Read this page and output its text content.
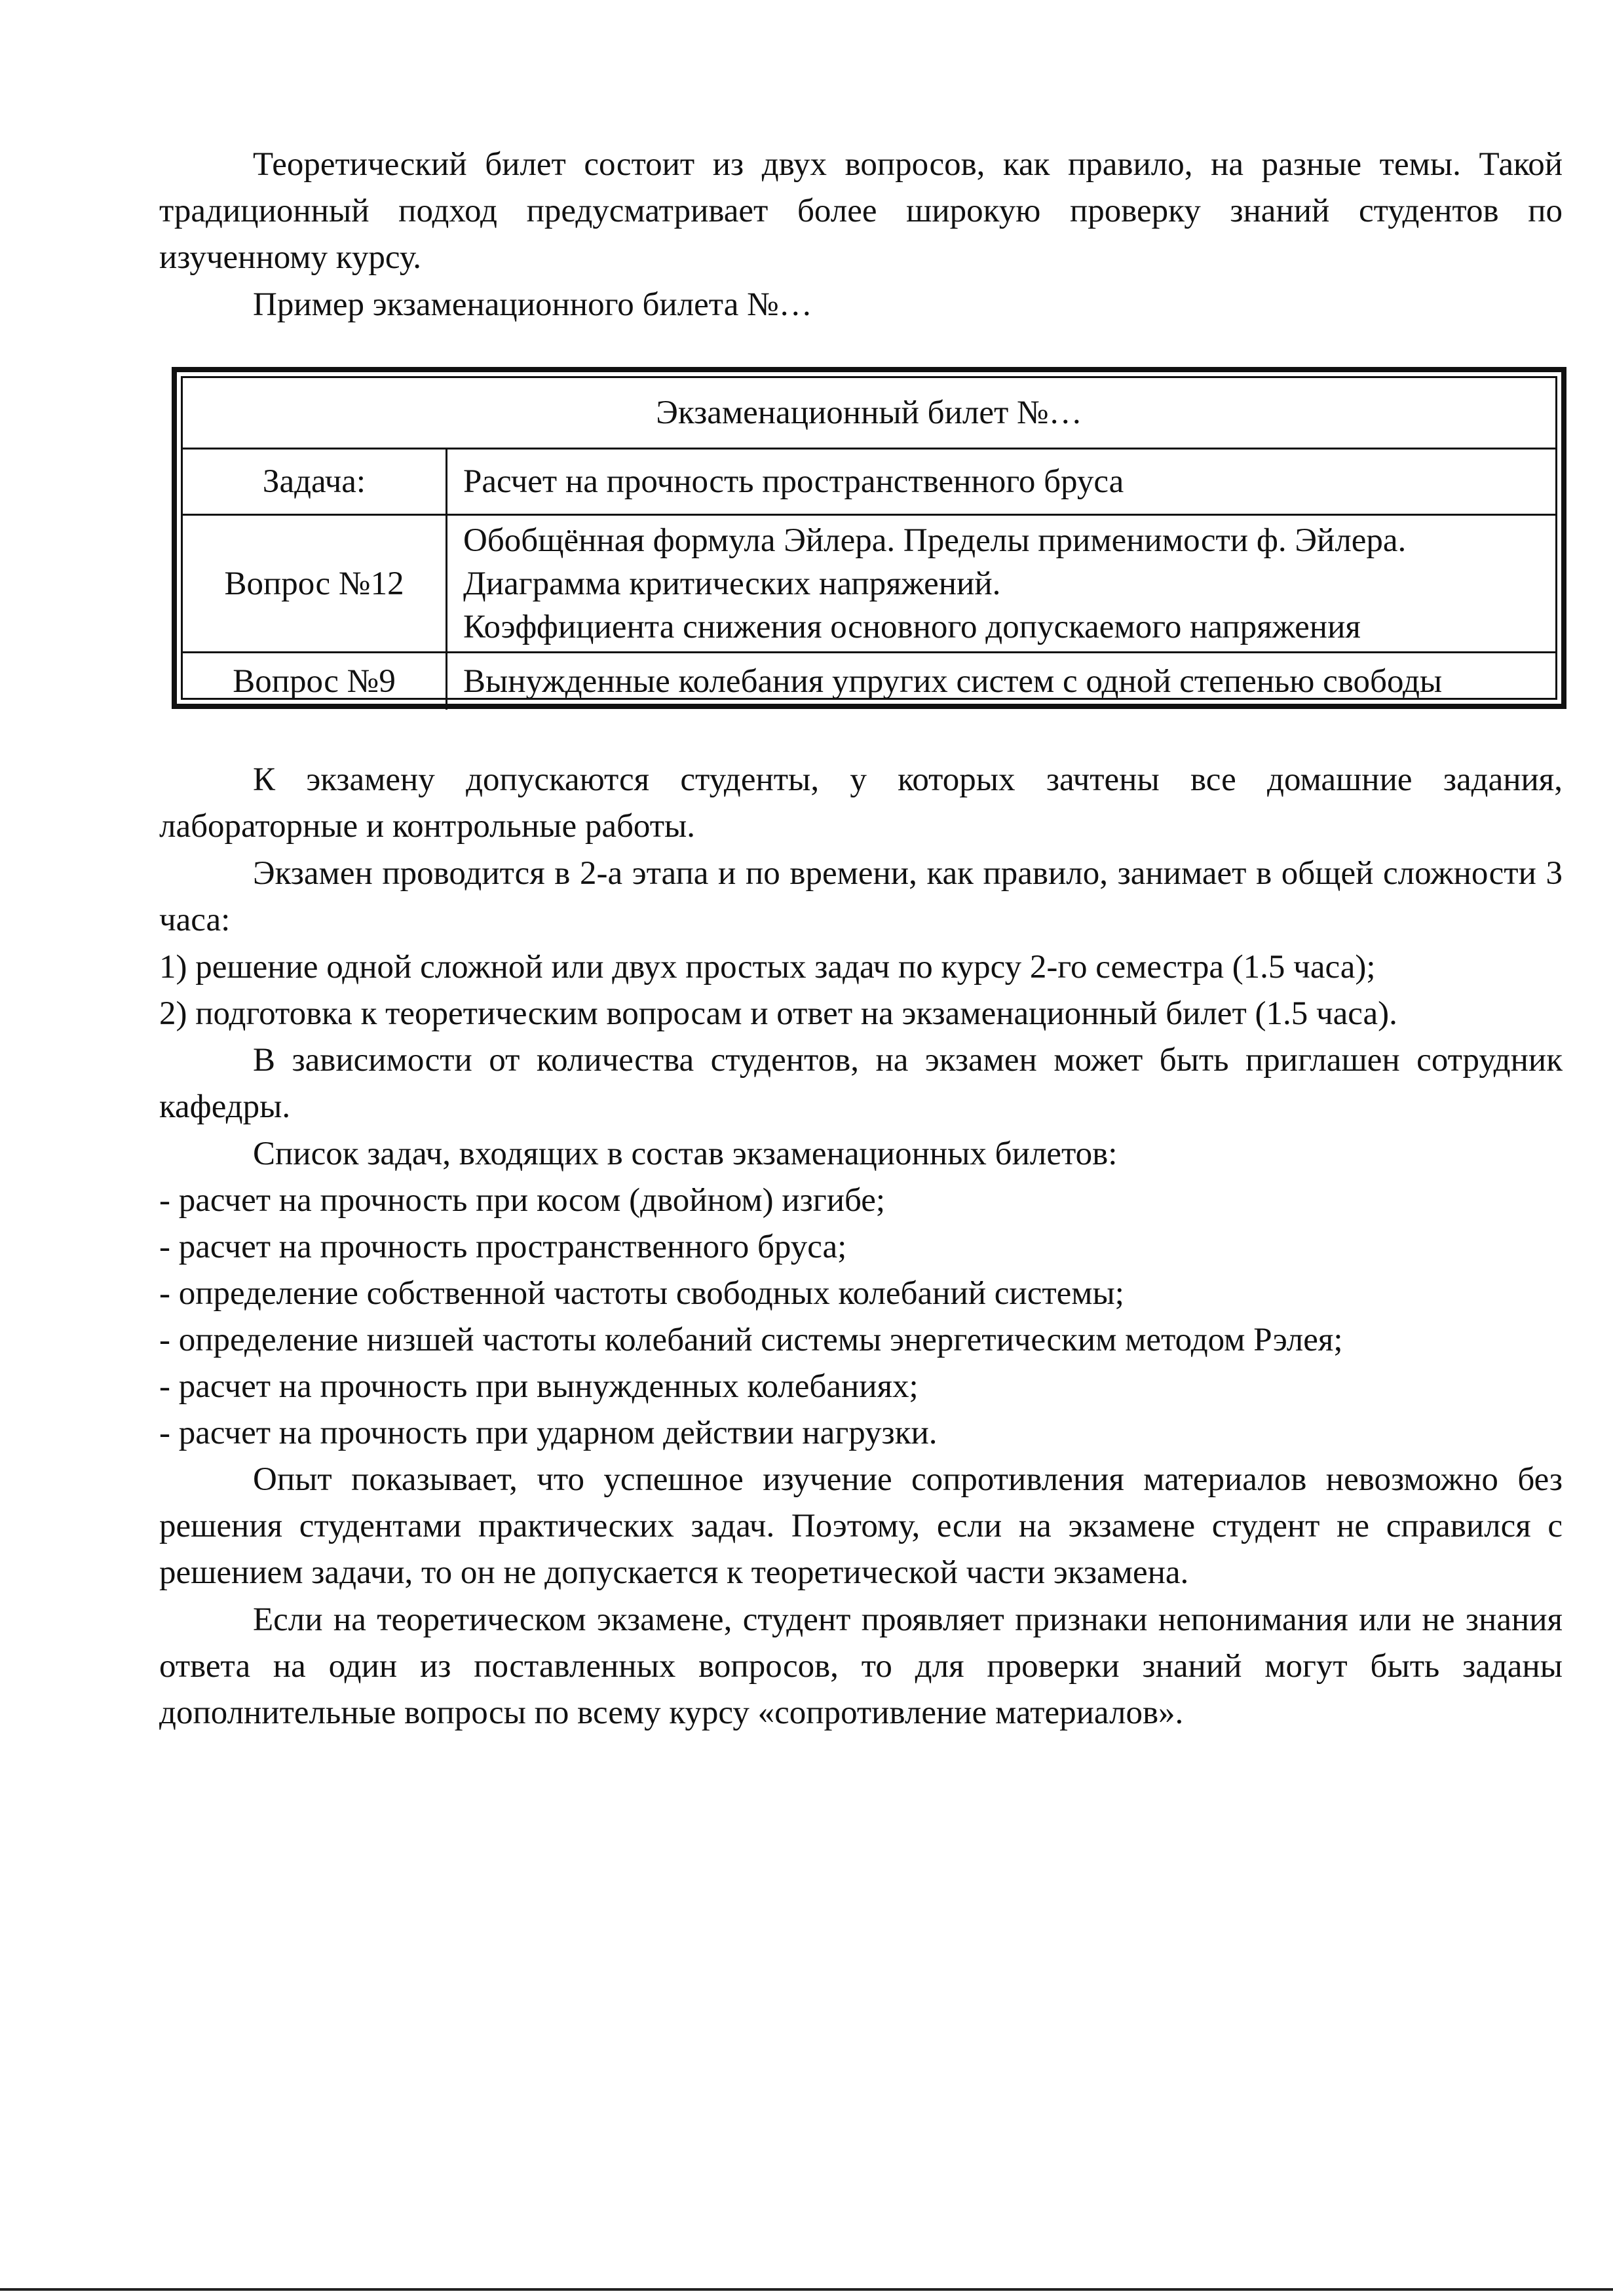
Теоретический билет состоит из двух вопросов, как правило, на разные темы. Такой традиционный подход предусматривает более широкую проверку знаний студентов по изученному курсу.

Пример экзаменационного билета №…

Экзаменационный билет №…
Задача:	Расчет на прочность пространственного бруса
Вопрос №12
Обобщённая формула Эйлера. Пределы применимости ф. Эйлера.
Диаграмма критических напряжений.
Коэффициента снижения основного допускаемого напряжения
Вопрос №9	Вынужденные колебания упругих систем с одной степенью свободы

К экзамену допускаются студенты, у которых зачтены все домашние задания, лабораторные и контрольные работы.

Экзамен проводится в 2-а этапа и по времени, как правило, занимает в общей сложности 3 часа:

1) решение одной сложной или двух простых задач по курсу 2-го семестра (1.5 часа);

2) подготовка к теоретическим вопросам и ответ на экзаменационный билет (1.5 часа).

В зависимости от количества студентов, на экзамен может быть приглашен сотрудник кафедры.

Список задач, входящих в состав экзаменационных билетов:

- расчет на прочность при косом (двойном) изгибе;

- расчет на прочность пространственного бруса;

- определение собственной частоты свободных колебаний системы;

- определение низшей частоты колебаний системы энергетическим методом Рэлея;

- расчет на прочность при вынужденных колебаниях;

- расчет на прочность при ударном действии нагрузки.

Опыт показывает, что успешное изучение сопротивления материалов невозможно без решения студентами практических задач. Поэтому, если на экзамене студент не справился с решением задачи, то он не допускается к теоретической части экзамена.

Если на теоретическом экзамене, студент проявляет признаки непонимания или не знания ответа на один из поставленных вопросов, то для проверки знаний могут быть заданы дополнительные вопросы по всему курсу «сопротивление материалов».
